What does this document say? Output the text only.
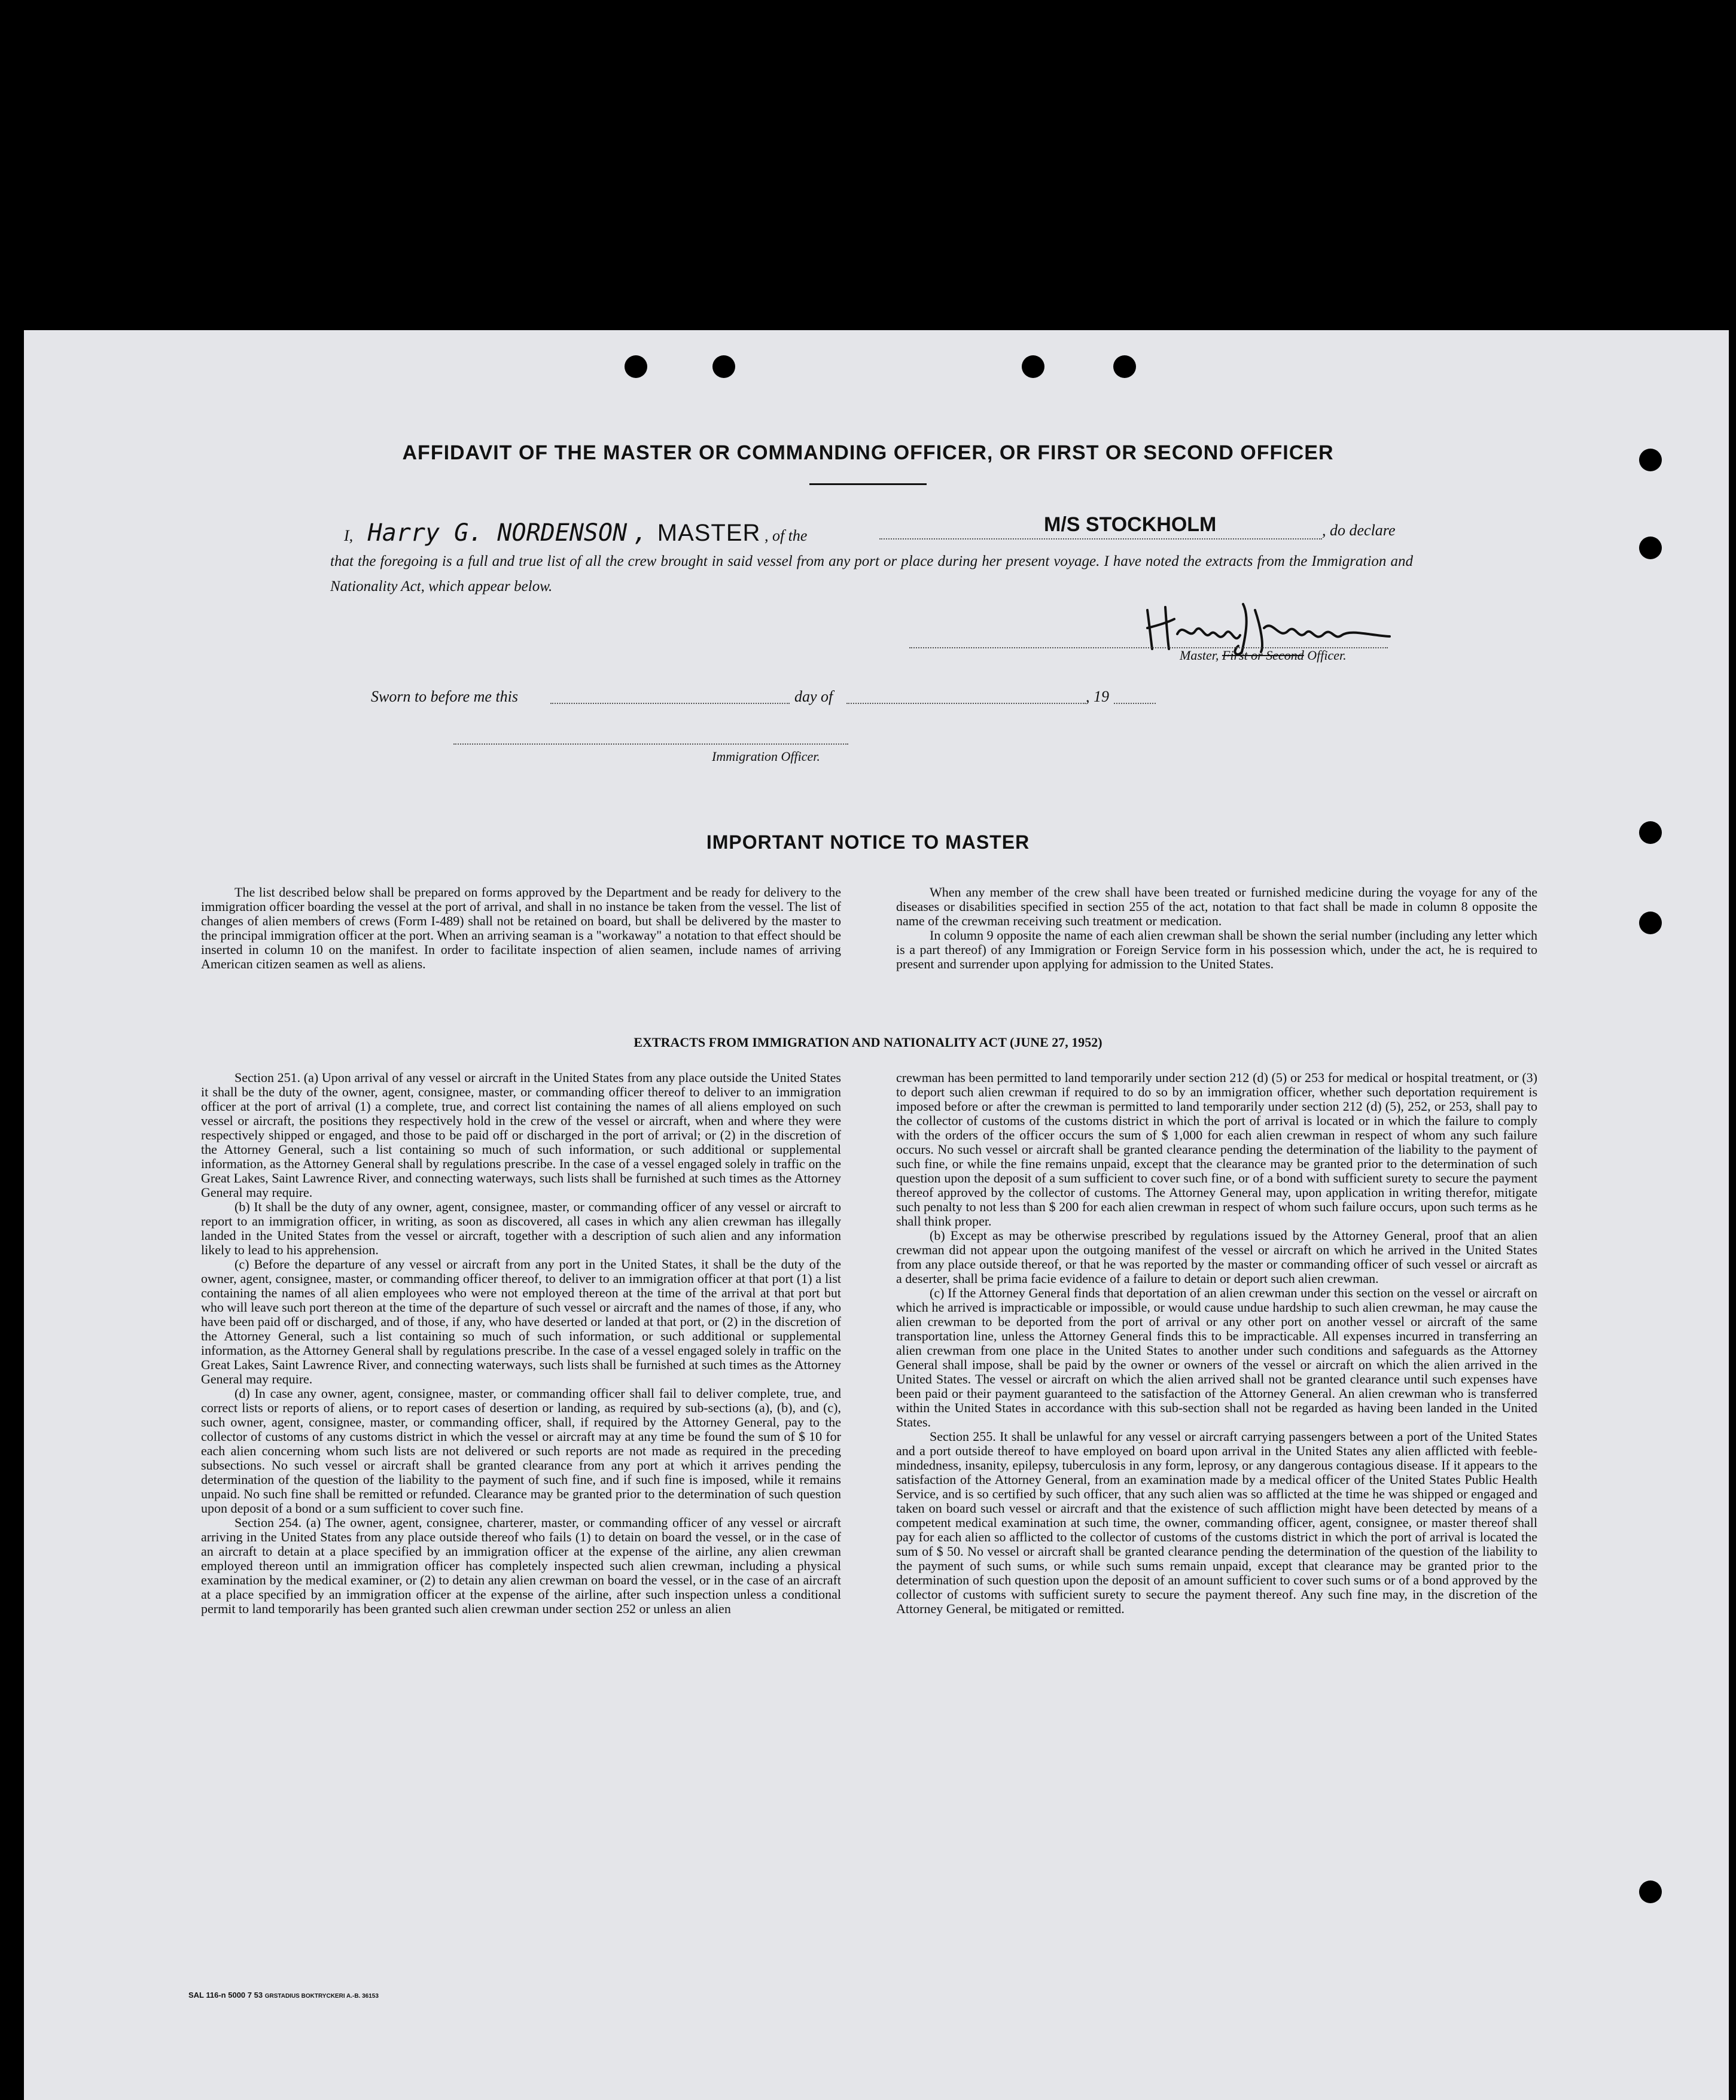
AFFIDAVIT OF THE MASTER OR COMMANDING OFFICER, OR FIRST OR SECOND OFFICER
I, Harry G. NORDENSON , MASTER , of the	M/S STOCKHOLM	, do declare
that the foregoing is a full and true list of all the crew brought in said vessel from any port or place during her present voyage. I have noted the extracts from the Immigration and Nationality Act, which appear below.
Master, First or Second Officer.
Sworn to before me this	day of	, 19
Immigration Officer.
IMPORTANT NOTICE TO MASTER

The list described below shall be prepared on forms approved by the Department and be ready for delivery to the immigration officer boarding the vessel at the port of arrival, and shall in no instance be taken from the vessel. The list of changes of alien members of crews (Form I-489) shall not be retained on board, but shall be delivered by the master to the principal immigration officer at the port. When an arriving seaman is a "workaway" a notation to that effect should be inserted in column 10 on the manifest. In order to facilitate inspection of alien seamen, include names of arriving American citizen seamen as well as aliens.

When any member of the crew shall have been treated or furnished medicine during the voyage for any of the diseases or disabilities specified in section 255 of the act, notation to that fact shall be made in column 8 opposite the name of the crewman receiving such treatment or medication.

In column 9 opposite the name of each alien crewman shall be shown the serial number (including any letter which is a part thereof) of any Immigration or Foreign Service form in his possession which, under the act, he is required to present and surrender upon applying for admission to the United States.

EXTRACTS FROM IMMIGRATION AND NATIONALITY ACT (JUNE 27, 1952)

Section 251. (a) Upon arrival of any vessel or aircraft in the United States from any place outside the United States it shall be the duty of the owner, agent, consignee, master, or commanding officer thereof to deliver to an immigration officer at the port of arrival (1) a complete, true, and correct list containing the names of all aliens employed on such vessel or aircraft, the positions they respectively hold in the crew of the vessel or aircraft, when and where they were respectively shipped or engaged, and those to be paid off or discharged in the port of arrival; or (2) in the discretion of the Attorney General, such a list containing so much of such information, or such additional or supplemental information, as the Attorney General shall by regulations prescribe. In the case of a vessel engaged solely in traffic on the Great Lakes, Saint Lawrence River, and connecting waterways, such lists shall be furnished at such times as the Attorney General may require.

(b) It shall be the duty of any owner, agent, consignee, master, or commanding officer of any vessel or aircraft to report to an immigration officer, in writing, as soon as discovered, all cases in which any alien crewman has illegally landed in the United States from the vessel or aircraft, together with a description of such alien and any information likely to lead to his apprehension.

(c) Before the departure of any vessel or aircraft from any port in the United States, it shall be the duty of the owner, agent, consignee, master, or commanding officer thereof, to deliver to an immigration officer at that port (1) a list containing the names of all alien employees who were not employed thereon at the time of the arrival at that port but who will leave such port thereon at the time of the departure of such vessel or aircraft and the names of those, if any, who have been paid off or discharged, and of those, if any, who have deserted or landed at that port, or (2) in the discretion of the Attorney General, such a list containing so much of such information, or such additional or supplemental information, as the Attorney General shall by regulations prescribe. In the case of a vessel engaged solely in traffic on the Great Lakes, Saint Lawrence River, and connecting waterways, such lists shall be furnished at such times as the Attorney General may require.

(d) In case any owner, agent, consignee, master, or commanding officer shall fail to deliver complete, true, and correct lists or reports of aliens, or to report cases of desertion or landing, as required by sub-sections (a), (b), and (c), such owner, agent, consignee, master, or commanding officer, shall, if required by the Attorney General, pay to the collector of customs of any customs district in which the vessel or aircraft may at any time be found the sum of $ 10 for each alien concerning whom such lists are not delivered or such reports are not made as required in the preceding subsections. No such vessel or aircraft shall be granted clearance from any port at which it arrives pending the determination of the question of the liability to the payment of such fine, and if such fine is imposed, while it remains unpaid. No such fine shall be remitted or refunded. Clearance may be granted prior to the determination of such question upon deposit of a bond or a sum sufficient to cover such fine.

Section 254. (a) The owner, agent, consignee, charterer, master, or commanding officer of any vessel or aircraft arriving in the United States from any place outside thereof who fails (1) to detain on board the vessel, or in the case of an aircraft to detain at a place specified by an immigration officer at the expense of the airline, any alien crewman employed thereon until an immigration officer has completely inspected such alien crewman, including a physical examination by the medical examiner, or (2) to detain any alien crewman on board the vessel, or in the case of an aircraft at a place specified by an immigration officer at the expense of the airline, after such inspection unless a conditional permit to land temporarily has been granted such alien crewman under section 252 or unless an alien

crewman has been permitted to land temporarily under section 212 (d) (5) or 253 for medical or hospital treatment, or (3) to deport such alien crewman if required to do so by an immigration officer, whether such deportation requirement is imposed before or after the crewman is permitted to land temporarily under section 212 (d) (5), 252, or 253, shall pay to the collector of customs of the customs district in which the port of arrival is located or in which the failure to comply with the orders of the officer occurs the sum of $ 1,000 for each alien crewman in respect of whom any such failure occurs. No such vessel or aircraft shall be granted clearance pending the determination of the liability to the payment of such fine, or while the fine remains unpaid, except that the clearance may be granted prior to the determination of such question upon the deposit of a sum sufficient to cover such fine, or of a bond with sufficient surety to secure the payment thereof approved by the collector of customs. The Attorney General may, upon application in writing therefor, mitigate such penalty to not less than $ 200 for each alien crewman in respect of whom such failure occurs, upon such terms as he shall think proper.

(b) Except as may be otherwise prescribed by regulations issued by the Attorney General, proof that an alien crewman did not appear upon the outgoing manifest of the vessel or aircraft on which he arrived in the United States from any place outside thereof, or that he was reported by the master or commanding officer of such vessel or aircraft as a deserter, shall be prima facie evidence of a failure to detain or deport such alien crewman.

(c) If the Attorney General finds that deportation of an alien crewman under this section on the vessel or aircraft on which he arrived is impracticable or impossible, or would cause undue hardship to such alien crewman, he may cause the alien crewman to be deported from the port of arrival or any other port on another vessel or aircraft of the same transportation line, unless the Attorney General finds this to be impracticable. All expenses incurred in transferring an alien crewman from one place in the United States to another under such conditions and safeguards as the Attorney General shall impose, shall be paid by the owner or owners of the vessel or aircraft on which the alien arrived in the United States. The vessel or aircraft on which the alien arrived shall not be granted clearance until such expenses have been paid or their payment guaranteed to the satisfaction of the Attorney General. An alien crewman who is transferred within the United States in accordance with this sub-section shall not be regarded as having been landed in the United States.

Section 255. It shall be unlawful for any vessel or aircraft carrying passengers between a port of the United States and a port outside thereof to have employed on board upon arrival in the United States any alien afflicted with feeble-mindedness, insanity, epilepsy, tuberculosis in any form, leprosy, or any dangerous contagious disease. If it appears to the satisfaction of the Attorney General, from an examination made by a medical officer of the United States Public Health Service, and is so certified by such officer, that any such alien was so afflicted at the time he was shipped or engaged and taken on board such vessel or aircraft and that the existence of such affliction might have been detected by means of a competent medical examination at such time, the owner, commanding officer, agent, consignee, or master thereof shall pay for each alien so afflicted to the collector of customs of the customs district in which the port of arrival is located the sum of $ 50. No vessel or aircraft shall be granted clearance pending the determination of the question of the liability to the payment of such sums, or while such sums remain unpaid, except that clearance may be granted prior to the determination of such question upon the deposit of an amount sufficient to cover such sums or of a bond approved by the collector of customs with sufficient surety to secure the payment thereof. Any such fine may, in the discretion of the Attorney General, be mitigated or remitted.

SAL 116-n 5000 7 53 GRSTADIUS BOKTRYCKERI A.-B. 36153
